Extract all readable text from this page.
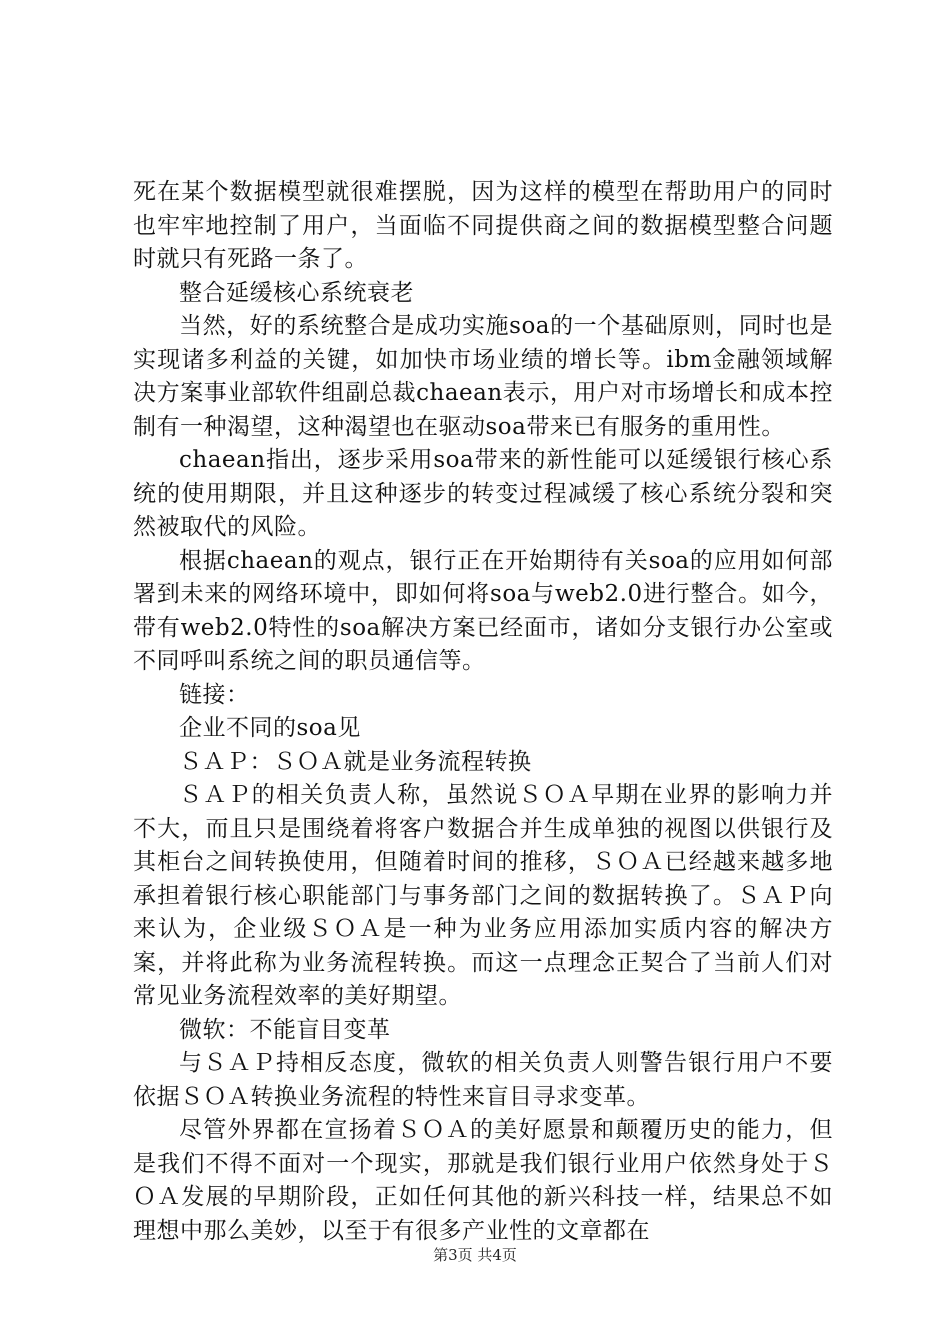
死在某个数据模型就很难摆脱，因为这样的模型在帮助用户的同时也牢牢地控制了用户，当面临不同提供商之间的数据模型整合问题时就只有死路一条了。

整合延缓核心系统衰老

当然，好的系统整合是成功实施soa的一个基础原则，同时也是实现诸多利益的关键，如加快市场业绩的增长等。ibm金融领域解决方案事业部软件组副总裁chaean表示，用户对市场增长和成本控制有一种渴望，这种渴望也在驱动soa带来已有服务的重用性。

chaean指出，逐步采用soa带来的新性能可以延缓银行核心系统的使用期限，并且这种逐步的转变过程减缓了核心系统分裂和突然被取代的风险。

根据chaean的观点，银行正在开始期待有关soa的应用如何部署到未来的网络环境中，即如何将soa与web2.0进行整合。如今，带有web2.0特性的soa解决方案已经面市，诸如分支银行办公室或不同呼叫系统之间的职员通信等。

链接：

企业不同的soa见

ＳＡＰ：ＳＯＡ就是业务流程转换

ＳＡＰ的相关负责人称，虽然说ＳＯＡ早期在业界的影响力并不大，而且只是围绕着将客户数据合并生成单独的视图以供银行及其柜台之间转换使用，但随着时间的推移，ＳＯＡ已经越来越多地承担着银行核心职能部门与事务部门之间的数据转换了。ＳＡＰ向来认为，企业级ＳＯＡ是一种为业务应用添加实质内容的解决方案，并将此称为业务流程转换。而这一点理念正契合了当前人们对常见业务流程效率的美好期望。

微软：不能盲目变革

与ＳＡＰ持相反态度，微软的相关负责人则警告银行用户不要依据ＳＯＡ转换业务流程的特性来盲目寻求变革。

尽管外界都在宣扬着ＳＯＡ的美好愿景和颠覆历史的能力，但是我们不得不面对一个现实，那就是我们银行业用户依然身处于ＳＯＡ发展的早期阶段，正如任何其他的新兴科技一样，结果总不如理想中那么美妙，以至于有很多产业性的文章都在

第3页 共4页
